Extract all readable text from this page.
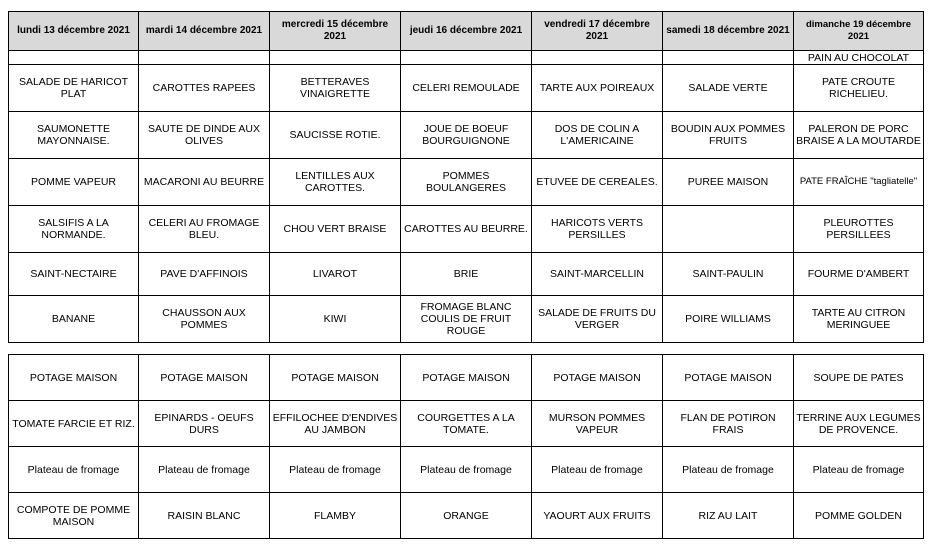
lundi 13 décembre 2021	mardi 14 décembre 2021	mercredi 15 décembre 2021	jeudi 16 décembre 2021	vendredi 17 décembre 2021	samedi 18 décembre 2021	dimanche 19 décembre 2021
						PAIN AU CHOCOLAT
SALADE DE HARICOT PLAT	CAROTTES RAPEES	BETTERAVES VINAIGRETTE	CELERI REMOULADE	TARTE AUX POIREAUX	SALADE VERTE	PATE CROUTE RICHELIEU.
SAUMONETTE MAYONNAISE.	SAUTE DE DINDE AUX OLIVES	SAUCISSE ROTIE.	JOUE DE BOEUF BOURGUIGNONE	DOS DE COLIN A L'AMERICAINE	BOUDIN AUX POMMES FRUITS	PALERON DE PORC BRAISE A LA MOUTARDE
POMME VAPEUR	MACARONI AU BEURRE	LENTILLES AUX CAROTTES.	POMMES BOULANGERES	ETUVEE DE CEREALES.	PUREE MAISON	PATE FRAÎCHE "tagliatelle"
SALSIFIS A LA NORMANDE.	CELERI AU FROMAGE BLEU.	CHOU VERT BRAISE	CAROTTES AU BEURRE.	HARICOTS VERTS PERSILLES		PLEUROTTES PERSILLEES
SAINT-NECTAIRE	PAVE D'AFFINOIS	LIVAROT	BRIE	SAINT-MARCELLIN	SAINT-PAULIN	FOURME D'AMBERT
BANANE	CHAUSSON AUX POMMES	KIWI	FROMAGE BLANC COULIS DE FRUIT ROUGE	SALADE DE FRUITS DU VERGER	POIRE WILLIAMS	TARTE AU CITRON MERINGUEE
POTAGE MAISON	POTAGE MAISON	POTAGE MAISON	POTAGE MAISON	POTAGE MAISON	POTAGE MAISON	SOUPE DE PATES
TOMATE FARCIE ET RIZ.	EPINARDS - OEUFS DURS	EFFILOCHEE D'ENDIVES AU JAMBON	COURGETTES A LA TOMATE.	MURSON POMMES VAPEUR	FLAN DE POTIRON FRAIS	TERRINE AUX LEGUMES DE PROVENCE.
Plateau de fromage	Plateau de fromage	Plateau de fromage	Plateau de fromage	Plateau de fromage	Plateau de fromage	Plateau de fromage
COMPOTE DE POMME MAISON	RAISIN BLANC	FLAMBY	ORANGE	YAOURT AUX FRUITS	RIZ AU LAIT	POMME GOLDEN
